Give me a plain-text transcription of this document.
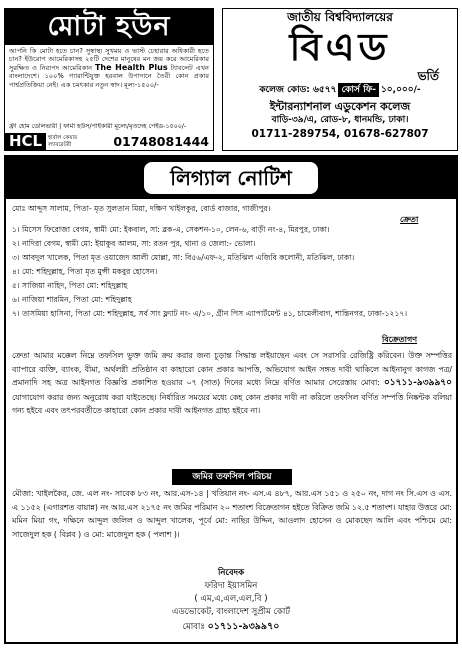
মোটা হউন
আপনি কি মোটা হতে চান? সুস্বাস্থ্য সুখময় ও ভাস্ট চেহারার অধিকারী হতে চান? ইউরোপ আমেরিকাসহ ২৫টি দেশের মানুষের মন জয় করে আমেরিকার সুরক্ষিত ও নিরাপদ আমেরিকান The Health Plus ট্যাবলেট এখন বাংলাদেশে। ১০০% গ্যারান্টিযুক্ত হরবাল উপাদানে তৈরী কোন প্রকার পার্শ্বপ্রতিক্রিয়া নেই। এক চমৎকার নতুন স্বাদ। মূল্য-১৫০০/-
ফ্রী হোম ডেলিভারী | ফার্মা হউস/পাইকারী মূল্যে/মৃতদেহ পেইড-১৫০০/-
HCL	হার্বাল কেয়ার ল্যাবরেটরী	01748081444
জাতীয় বিশ্ববিদ্যালয়ের
বিএড
ভর্তি
কলেজ কোড: ৬৫৭৭ কোর্স ফি- ১০,০০০/-
ইন্টারন্যাশনাল এডুকেশন কলেজ
বাড়ি-৩৯/এ, রোড-৮, ধানমন্ডি, ঢাকা।
01711-289754, 01678-627807
লিগ্যাল নোটিশ
মোঃ আব্দুস সালাম, পিতা- মৃত সুলতান মিয়া, দক্ষিণ খাইলকুর, বোর্ড বাজার, গাজীপুর।
ক্রেতা
১। মিসেস ফিরোজা বেগম, স্বামী মো: ইকবাল, সা: ব্লক-এ, সেকশন-১০, লেন-৬, বাড়ী নং-৪, মিরপুর, ঢাকা।
২। নাদিরা বেগম, স্বামী মো: ইয়াকুব আলম, সা: রতন পুর, থানা ও জেলা:- ভোলা।
৩। আবদুল খালেক, পিতা মৃত ওয়াজেদ আলী মোল্লা, সা: বি৫৬/এফ-২, মতিঝিল এজিবি কলোনী, মতিঝিল, ঢাকা।
৪। মো: শহিদুল্লাহ, পিতা মৃত মুন্সী মকবুর হোসেন।
৫। সাজিয়া নাহিদ, পিতা মো: শহিদুল্লাহ
৬। নাজিয়া শারমিন, পিতা মো: শহিদুল্লাহ
৭। তাসমিয়া হাসিনা, পিতা মো: শহিদুল্লাহ, সর্ব সাং ফ্ল্যাট নং- এ/১০, গ্রীন পিস এ্যাপার্টমেন্ট ৪১, চামেলীবাগ, শান্তিনগর, ঢাকা-১২১৭।
বিক্রেতাগণ
ক্রেতা আমার মক্কেল নিম্নে তফসিল ভুক্ত জমি ক্রয় করার জন্য চূড়ান্ত সিদ্ধান্ত লইয়াছেন এবং সে সরাসরি রেজিষ্ট্রি করিবেন। উক্ত সম্পত্তির ব্যাপারে ব্যক্তি, ব্যাংক, বীমা, অর্থলগ্নী প্রতিষ্ঠান বা কাহারো কোন প্রকার আপত্তি, অভিযোগ আইন সঙ্গত দাবী থাকিলে আইনানুগ কাগজ পত্র/প্রমানাদি সহ অত্র আইনগত বিজ্ঞপ্তি প্রকাশিত হওয়ার ০৭ (সাত) দিনের মধ্যে নিম্নে বর্ণিত আমার সেরেস্তায় মোবা: ০১৭১১-৯৩৯৯৭০ যোগাযোগ করার জন্য অনুরোধ করা যাইতেছে। নির্ধারিত সময়ের মধ্যে কেহ কোন প্রকার দাবী না করিলে তফসিল বর্ণিত সম্পত্তি নিষ্কন্টক বলিয়া গন্য হইবে এবং তৎপরবর্তীতে কাহারো কোন প্রকার দাবী আইনগত গ্রাহ্য হইবে না।
জমির তফসিল পরিচয়
মৌজা: খাইলকৈর, জে. এল নং- সাবেক ৮৩ নং, আর.এস-১৪ | খতিয়ান নং- এস.এ ৪৮৭, আর.এস ১৫১ ও ২৫০ নং, দাগ নং সি.এস ও এস. এ ১১৫২ (এগারশত বায়ান্ন) নং আর.এস ২১৭৫ নং জমির পরিমান ২০ শতাংশ বিক্রেতাগন হইতে বিক্রিত জমি ১২.৫ শতাংশ। যাহার উত্তরে মো: মমিন মিয়া গং, দক্ষিনে আব্দুল জলিল ও আব্দুল খালেক, পূর্বে মো: নাছির উদ্দিন, আওলাদ হোসেন ও মোকছেদ আলি এবং পশ্চিমে মো: সাজেদুল হক ( বিপ্লব ) ও মো: মাজেদুল হক ( পলাশ )।
নিবেদক
ফরিদা ইয়াসমিন
( এম,এ,এল,এল,বি )
এডভোকেট, বাংলাদেশ সুপ্রীম কোর্ট
মোবাঃ ০১৭১১-৯৩৯৯৭০
